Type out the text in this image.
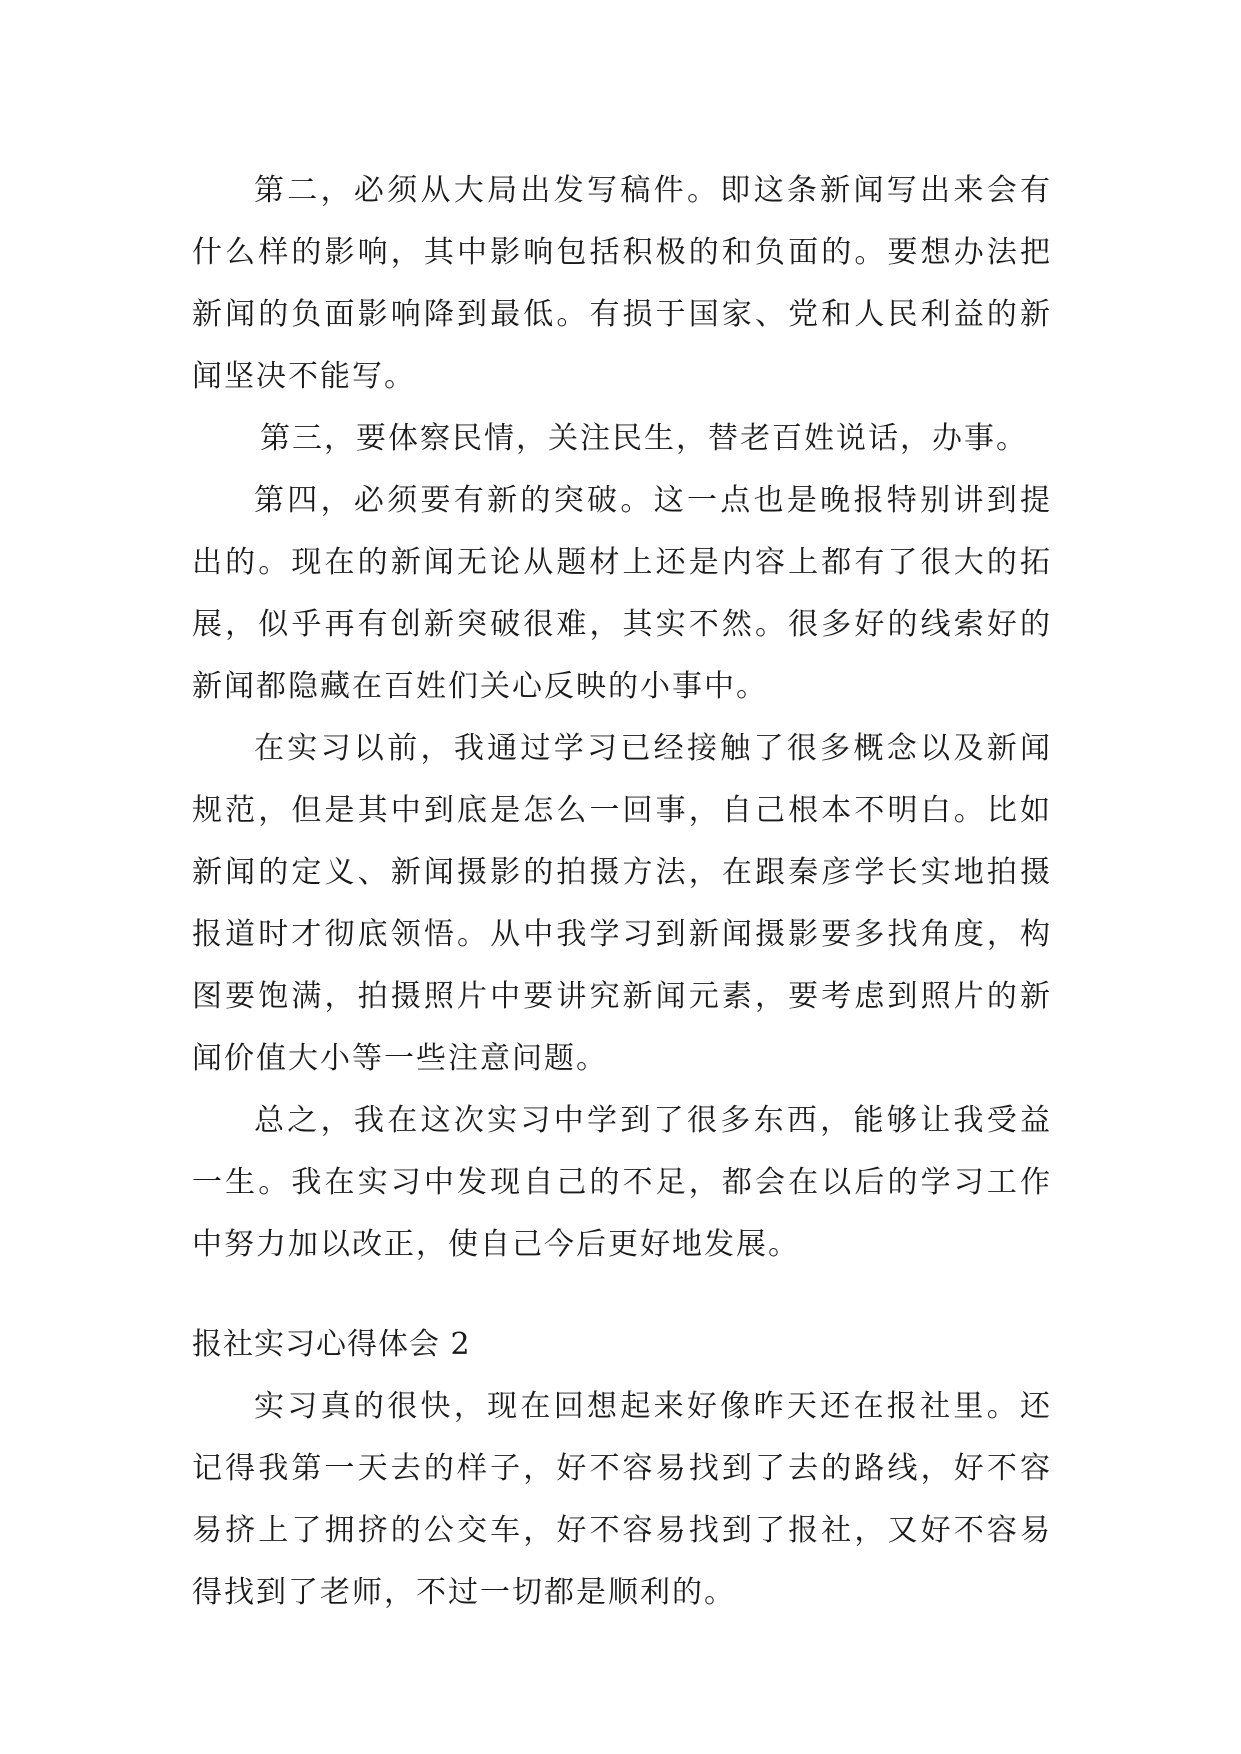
第二，必须从大局出发写稿件。即这条新闻写出来会有什么样的影响，其中影响包括积极的和负面的。要想办法把新闻的负面影响降到最低。有损于国家、党和人民利益的新闻坚决不能写。

第三，要体察民情，关注民生，替老百姓说话，办事。

第四，必须要有新的突破。这一点也是晚报特别讲到提出的。现在的新闻无论从题材上还是内容上都有了很大的拓展，似乎再有创新突破很难，其实不然。很多好的线索好的新闻都隐藏在百姓们关心反映的小事中。

在实习以前，我通过学习已经接触了很多概念以及新闻规范，但是其中到底是怎么一回事，自己根本不明白。比如新闻的定义、新闻摄影的拍摄方法，在跟秦彦学长实地拍摄报道时才彻底领悟。从中我学习到新闻摄影要多找角度，构图要饱满，拍摄照片中要讲究新闻元素，要考虑到照片的新闻价值大小等一些注意问题。

总之，我在这次实习中学到了很多东西，能够让我受益一生。我在实习中发现自己的不足，都会在以后的学习工作中努力加以改正，使自己今后更好地发展。

报社实习心得体会 2

实习真的很快，现在回想起来好像昨天还在报社里。还记得我第一天去的样子，好不容易找到了去的路线，好不容易挤上了拥挤的公交车，好不容易找到了报社，又好不容易得找到了老师，不过一切都是顺利的。
